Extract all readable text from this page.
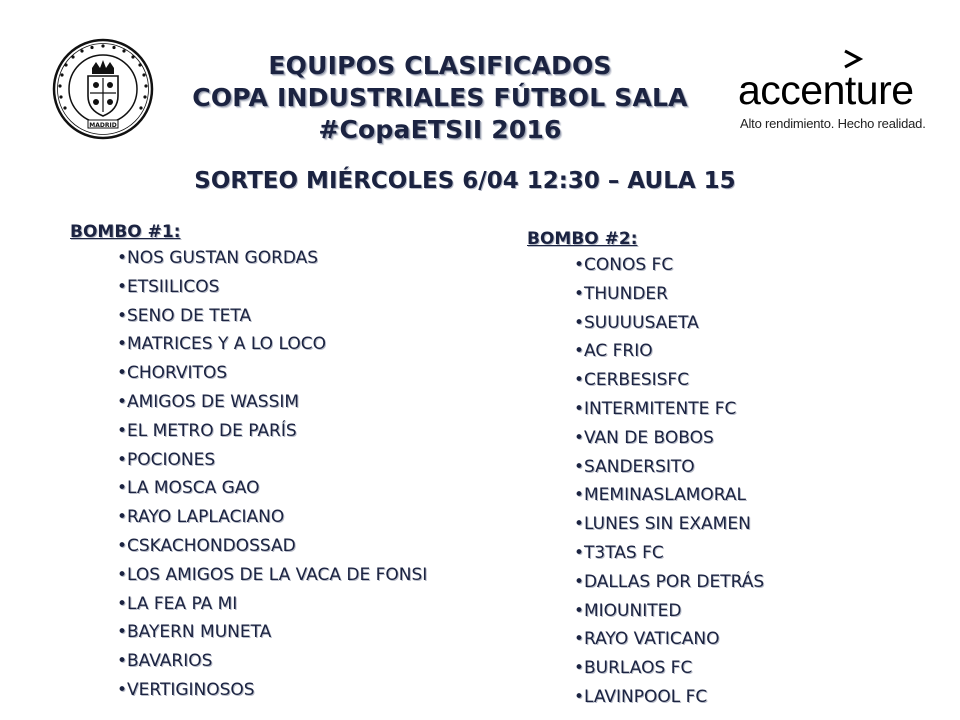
MADRID
EQUIPOS CLASIFICADOS
COPA INDUSTRIALES FÚTBOL SALA
#CopaETSII 2016
accenture
Alto rendimiento. Hecho realidad.
SORTEO MIÉRCOLES 6/04 12:30 – AULA 15
BOMBO #1:
•NOS GUSTAN GORDAS
•ETSIILICOS
•SENO DE TETA
•MATRICES Y A LO LOCO
•CHORVITOS
•AMIGOS DE WASSIM
•EL METRO DE PARÍS
•POCIONES
•LA MOSCA GAO
•RAYO LAPLACIANO
•CSKACHONDOSSAD
•LOS AMIGOS DE LA VACA DE FONSI
•LA FEA PA MI
•BAYERN MUNETA
•BAVARIOS
•VERTIGINOSOS
BOMBO #2:
•CONOS FC
•THUNDER
•SUUUUSAETA
•AC FRIO
•CERBESISFC
•INTERMITENTE FC
•VAN DE BOBOS
•SANDERSITO
•MEMINASLAMORAL
•LUNES SIN EXAMEN
•T3TAS FC
•DALLAS POR DETRÁS
•MIOUNITED
•RAYO VATICANO
•BURLAOS FC
•LAVINPOOL FC
